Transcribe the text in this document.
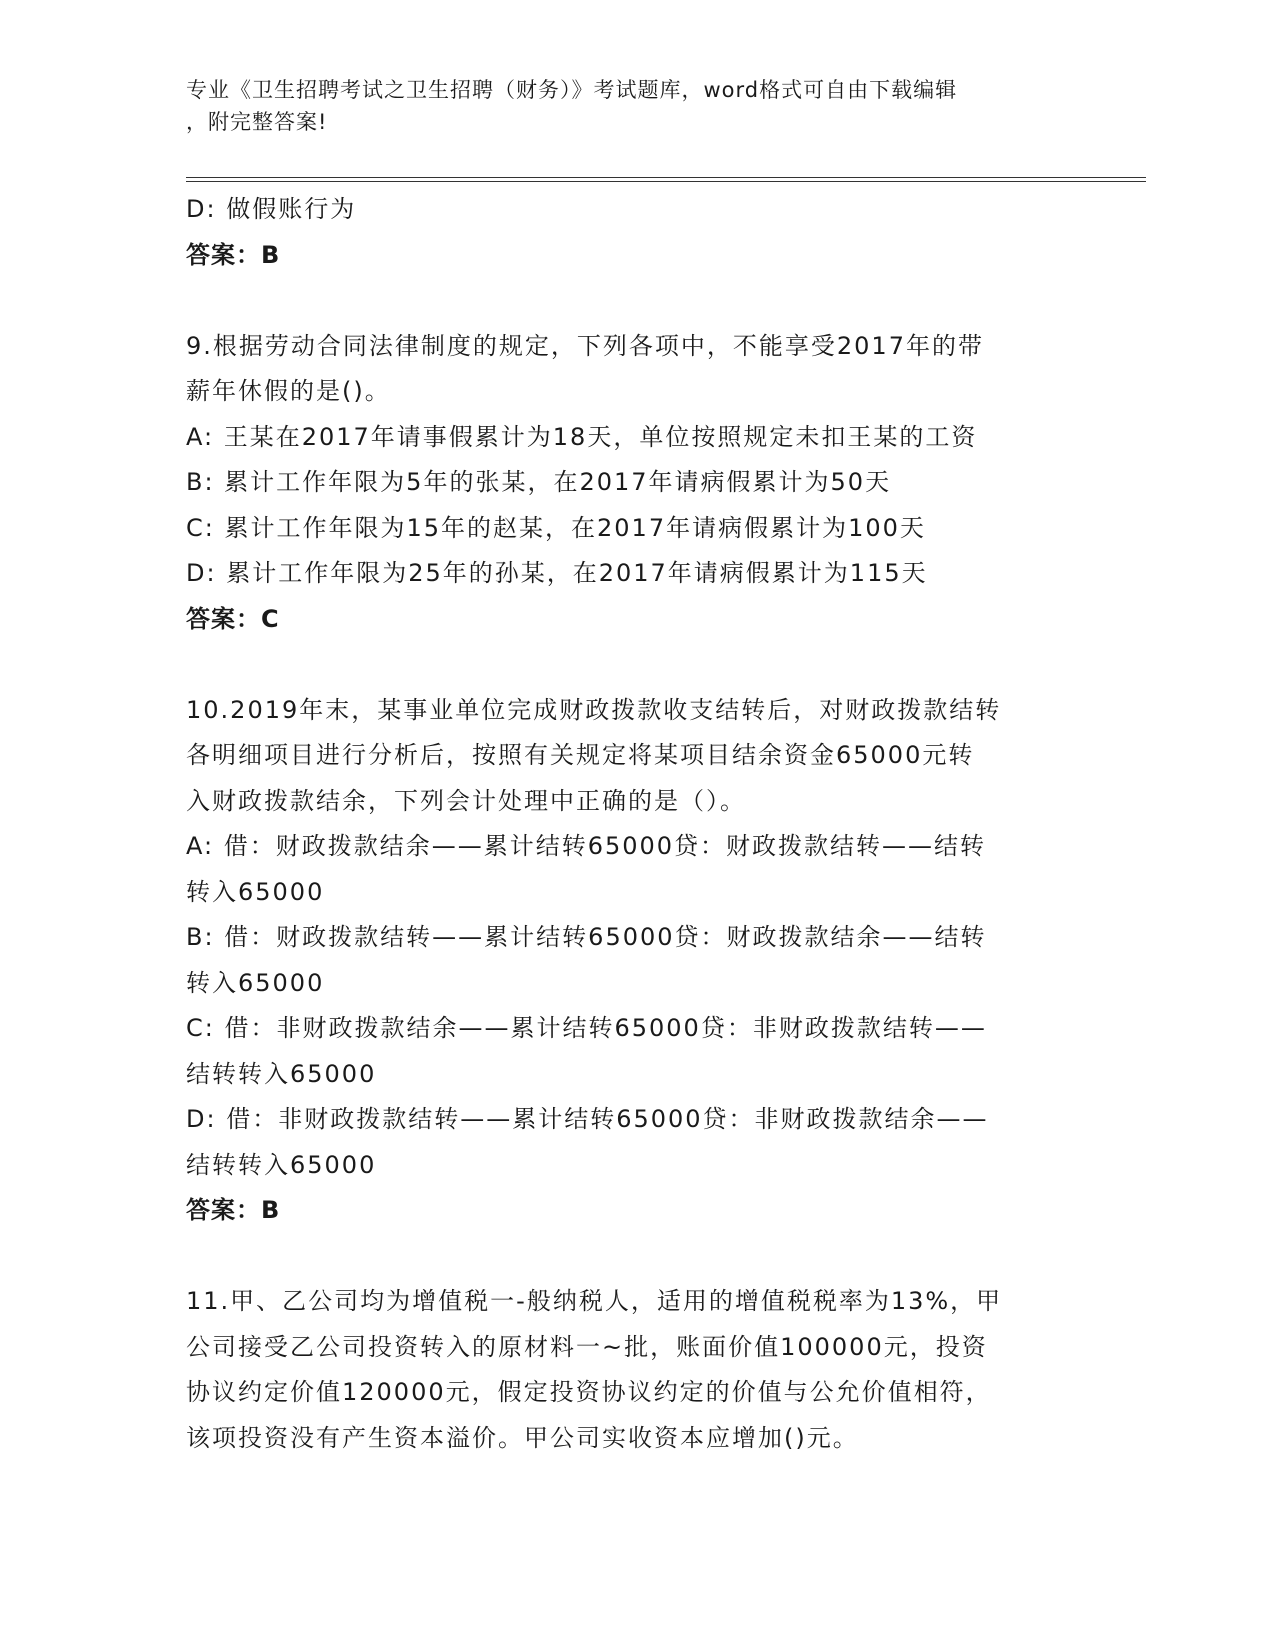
专业《卫生招聘考试之卫生招聘（财务）》考试题库，word格式可自由下载编辑
，附完整答案!
D: 做假账行为
答案：B
9.根据劳动合同法律制度的规定，下列各项中，不能享受2017年的带
薪年休假的是()。
A: 王某在2017年请事假累计为18天，单位按照规定未扣王某的工资
B: 累计工作年限为5年的张某，在2017年请病假累计为50天
C: 累计工作年限为15年的赵某，在2017年请病假累计为100天
D: 累计工作年限为25年的孙某，在2017年请病假累计为115天
答案：C
10.2019年末，某事业单位完成财政拨款收支结转后，对财政拨款结转
各明细项目进行分析后，按照有关规定将某项目结余资金65000元转
入财政拨款结余，下列会计处理中正确的是（）。
A: 借：财政拨款结余——累计结转65000贷：财政拨款结转——结转
转入65000
B: 借：财政拨款结转——累计结转65000贷：财政拨款结余——结转
转入65000
C: 借：非财政拨款结余——累计结转65000贷：非财政拨款结转——
结转转入65000
D: 借：非财政拨款结转——累计结转65000贷：非财政拨款结余——
结转转入65000
答案：B
11.甲、乙公司均为增值税一-般纳税人，适用的增值税税率为13%，甲
公司接受乙公司投资转入的原材料一~批，账面价值100000元，投资
协议约定价值120000元，假定投资协议约定的价值与公允价值相符，
该项投资没有产生资本溢价。甲公司实收资本应增加()元。
